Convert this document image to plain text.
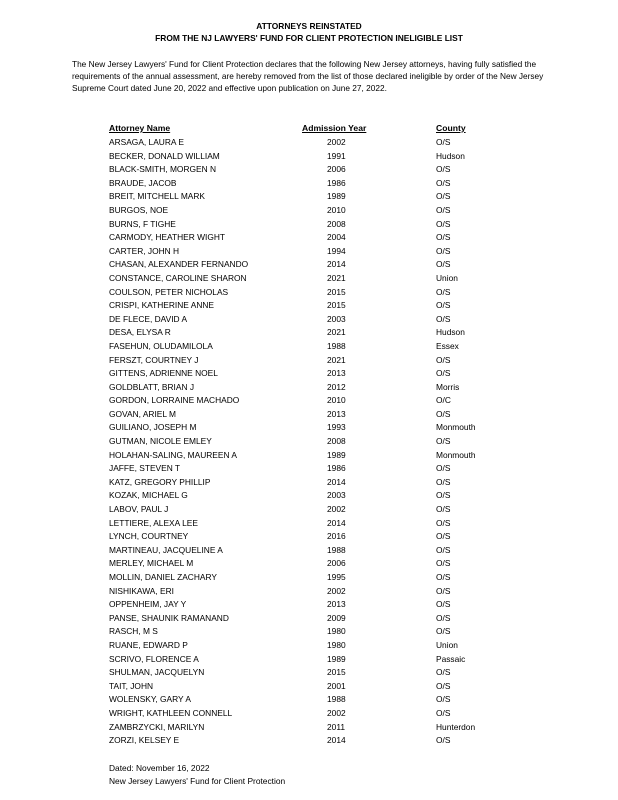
ATTORNEYS REINSTATED
FROM THE NJ LAWYERS' FUND FOR CLIENT PROTECTION INELIGIBLE LIST

The New Jersey Lawyers' Fund for Client Protection declares that the following New Jersey attorneys, having fully satisfied the requirements of the annual assessment, are hereby removed from the list of those declared ineligible by order of the New Jersey Supreme Court dated June 20, 2022 and effective upon publication on June 27, 2022.

Attorney Name	Admission Year	County
ARSAGA, LAURA E	2002	O/S
BECKER, DONALD WILLIAM	1991	Hudson
BLACK-SMITH, MORGEN N	2006	O/S
BRAUDE, JACOB	1986	O/S
BREIT, MITCHELL MARK	1989	O/S
BURGOS, NOE	2010	O/S
BURNS, F TIGHE	2008	O/S
CARMODY, HEATHER WIGHT	2004	O/S
CARTER, JOHN H	1994	O/S
CHASAN, ALEXANDER FERNANDO	2014	O/S
CONSTANCE, CAROLINE SHARON	2021	Union
COULSON, PETER NICHOLAS	2015	O/S
CRISPI, KATHERINE ANNE	2015	O/S
DE FLECE, DAVID A	2003	O/S
DESA, ELYSA R	2021	Hudson
FASEHUN, OLUDAMILOLA	1988	Essex
FERSZT, COURTNEY J	2021	O/S
GITTENS, ADRIENNE NOEL	2013	O/S
GOLDBLATT, BRIAN J	2012	Morris
GORDON, LORRAINE MACHADO	2010	O/C
GOVAN, ARIEL M	2013	O/S
GUILIANO, JOSEPH M	1993	Monmouth
GUTMAN, NICOLE EMLEY	2008	O/S
HOLAHAN-SALING, MAUREEN A	1989	Monmouth
JAFFE, STEVEN T	1986	O/S
KATZ, GREGORY PHILLIP	2014	O/S
KOZAK, MICHAEL G	2003	O/S
LABOV, PAUL J	2002	O/S
LETTIERE, ALEXA LEE	2014	O/S
LYNCH, COURTNEY	2016	O/S
MARTINEAU, JACQUELINE A	1988	O/S
MERLEY, MICHAEL M	2006	O/S
MOLLIN, DANIEL ZACHARY	1995	O/S
NISHIKAWA, ERI	2002	O/S
OPPENHEIM, JAY Y	2013	O/S
PANSE, SHAUNIK RAMANAND	2009	O/S
RASCH, M S	1980	O/S
RUANE, EDWARD P	1980	Union
SCRIVO, FLORENCE A	1989	Passaic
SHULMAN, JACQUELYN	2015	O/S
TAIT, JOHN	2001	O/S
WOLENSKY, GARY A	1988	O/S
WRIGHT, KATHLEEN CONNELL	2002	O/S
ZAMBRZYCKI, MARILYN	2011	Hunterdon
ZORZI, KELSEY E	2014	O/S
Dated: November 16, 2022
New Jersey Lawyers' Fund for Client Protection
